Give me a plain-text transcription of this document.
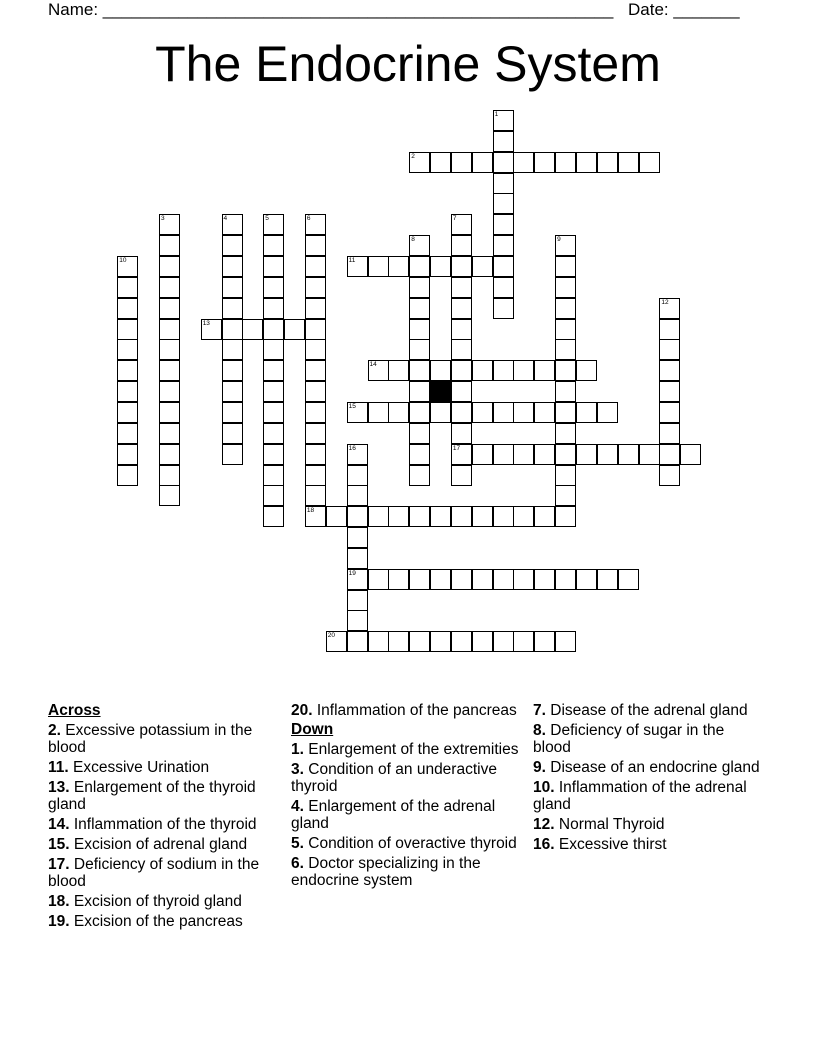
Name: ______________________________________________________ Date: _______
The Endocrine System
1
2
3	4	5	6
18
7
17
8	9
10	11
12
13
14
15
16
19
20
Across
2. Excessive potassium in the blood
11. Excessive Urination
13. Enlargement of the thyroid gland
14. Inflammation of the thyroid
15. Excision of adrenal gland
17. Deficiency of sodium in the blood
18. Excision of thyroid gland
19. Excision of the pancreas
20. Inflammation of the pancreas
Down
1. Enlargement of the extremities
3. Condition of an underactive thyroid
4. Enlargement of the adrenal gland
5. Condition of overactive thyroid
6. Doctor specializing in the endocrine system
7. Disease of the adrenal gland
8. Deficiency of sugar in the blood
9. Disease of an endocrine gland
10. Inflammation of the adrenal gland
12. Normal Thyroid
16. Excessive thirst
